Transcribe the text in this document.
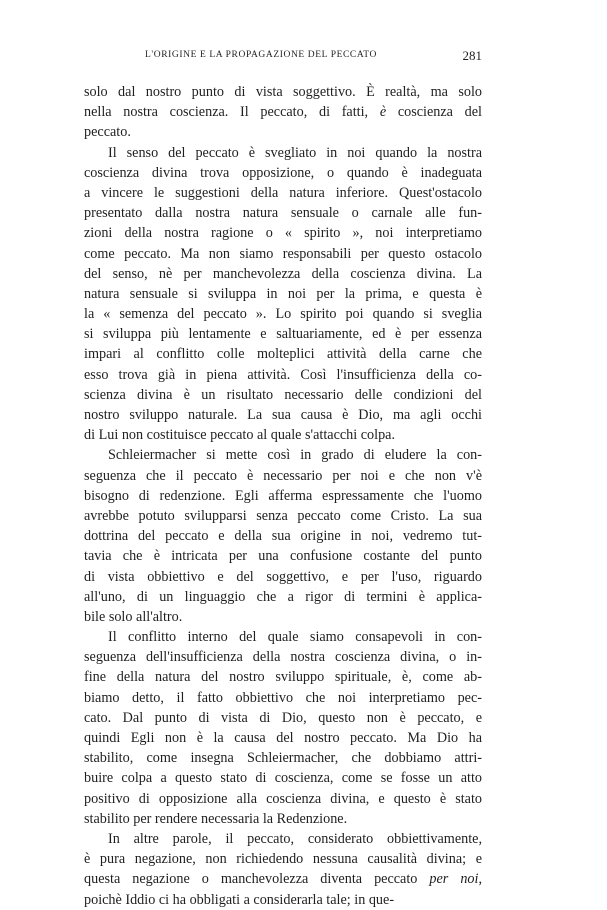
L'ORIGINE E LA PROPAGAZIONE DEL PECCATO	281
solo dal nostro punto di vista soggettivo. È realtà, ma solo
nella nostra coscienza. Il peccato, di fatti, è coscienza del
peccato.
Il senso del peccato è svegliato in noi quando la nostra
coscienza divina trova opposizione, o quando è inadeguata
a vincere le suggestioni della natura inferiore. Quest'ostacolo
presentato dalla nostra natura sensuale o carnale alle fun-
zioni della nostra ragione o « spirito », noi interpretiamo
come peccato. Ma non siamo responsabili per questo ostacolo
del senso, nè per manchevolezza della coscienza divina. La
natura sensuale si sviluppa in noi per la prima, e questa è
la « semenza del peccato ». Lo spirito poi quando si sveglia
si sviluppa più lentamente e saltuariamente, ed è per essenza
impari al conflitto colle molteplici attività della carne che
esso trova già in piena attività. Così l'insufficienza della co-
scienza divina è un risultato necessario delle condizioni del
nostro sviluppo naturale. La sua causa è Dio, ma agli occhi
di Lui non costituisce peccato al quale s'attacchi colpa.
Schleiermacher si mette così in grado di eludere la con-
seguenza che il peccato è necessario per noi e che non v'è
bisogno di redenzione. Egli afferma espressamente che l'uomo
avrebbe potuto svilupparsi senza peccato come Cristo. La sua
dottrina del peccato e della sua origine in noi, vedremo tut-
tavia che è intricata per una confusione costante del punto
di vista obbiettivo e del soggettivo, e per l'uso, riguardo
all'uno, di un linguaggio che a rigor di termini è applica-
bile solo all'altro.
Il conflitto interno del quale siamo consapevoli in con-
seguenza dell'insufficienza della nostra coscienza divina, o in-
fine della natura del nostro sviluppo spirituale, è, come ab-
biamo detto, il fatto obbiettivo che noi interpretiamo pec-
cato. Dal punto di vista di Dio, questo non è peccato, e
quindi Egli non è la causa del nostro peccato. Ma Dio ha
stabilito, come insegna Schleiermacher, che dobbiamo attri-
buire colpa a questo stato di coscienza, come se fosse un atto
positivo di opposizione alla coscienza divina, e questo è stato
stabilito per rendere necessaria la Redenzione.
In altre parole, il peccato, considerato obbiettivamente,
è pura negazione, non richiedendo nessuna causalità divina; e
questa negazione o manchevolezza diventa peccato per noi,
poichè Iddio ci ha obbligati a considerarla tale; in que-
